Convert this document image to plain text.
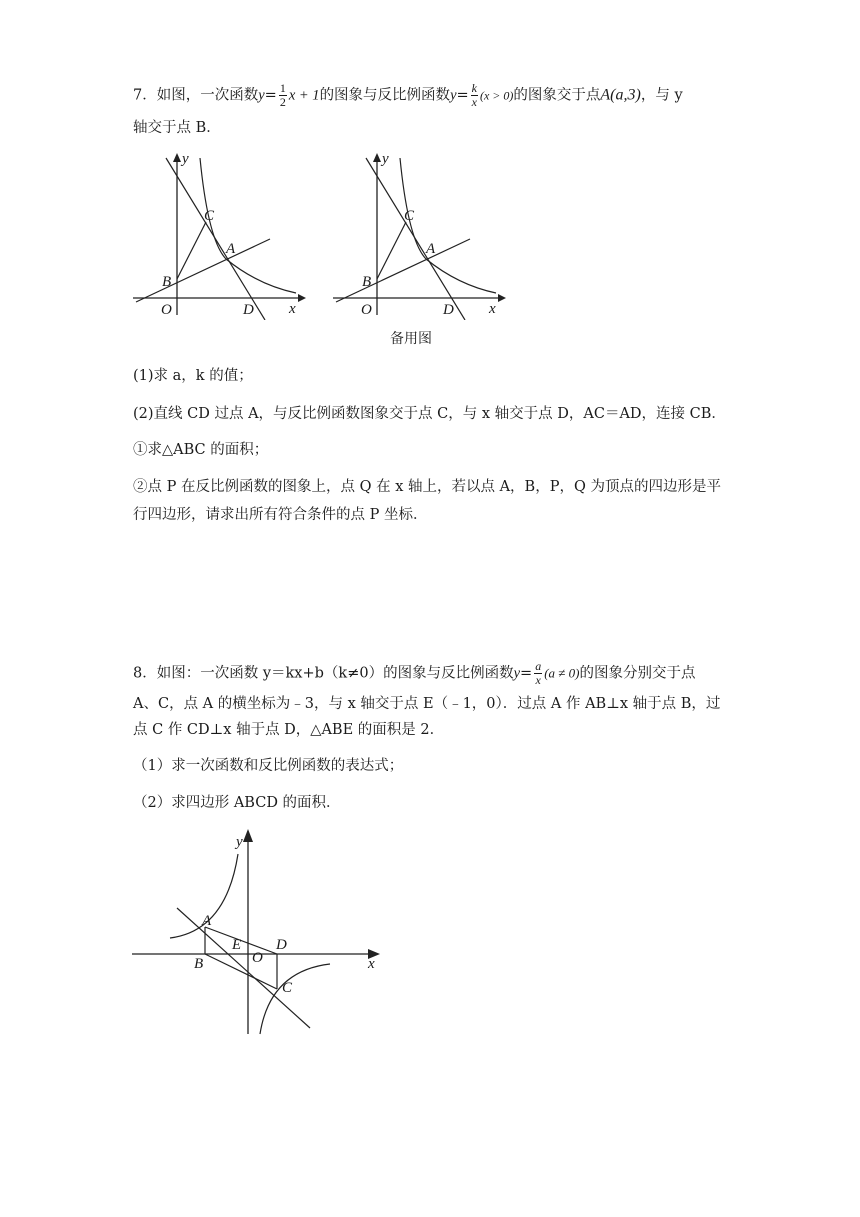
7．如图，一次函数$y= \frac{1}{2}$ x + 1的图象与反比例函数$y= \frac{k}{x} (x > 0)$的图象交于点A(a,3)，与 y
轴交于点 B．
y
x
O
B
C
A
D
y
x
O
B
C
A
D
备用图
(1)求 a，k 的值；
(2)直线 CD 过点 A，与反比例函数图象交于点 C，与 x 轴交于点 D，AC＝AD，连接 CB．
①求△ABC 的面积；
②点 P 在反比例函数的图象上，点 Q 在 x 轴上，若以点 A，B，P，Q 为顶点的四边形是平
行四边形，请求出所有符合条件的点 P 坐标．
8．如图：一次函数 y＝kx+b（k≠0）的图象与反比例函数$y= \frac{a}{x} (a \ne 0)$的图象分别交于点
A、C，点 A 的横坐标为﹣3，与 x 轴交于点 E（﹣1，0）．过点 A 作 AB⊥x 轴于点 B，过
点 C 作 CD⊥x 轴于点 D，△ABE 的面积是 2．
（1）求一次函数和反比例函数的表达式；
（2）求四边形 ABCD 的面积．
y
x
A
B
C
D
E
O
